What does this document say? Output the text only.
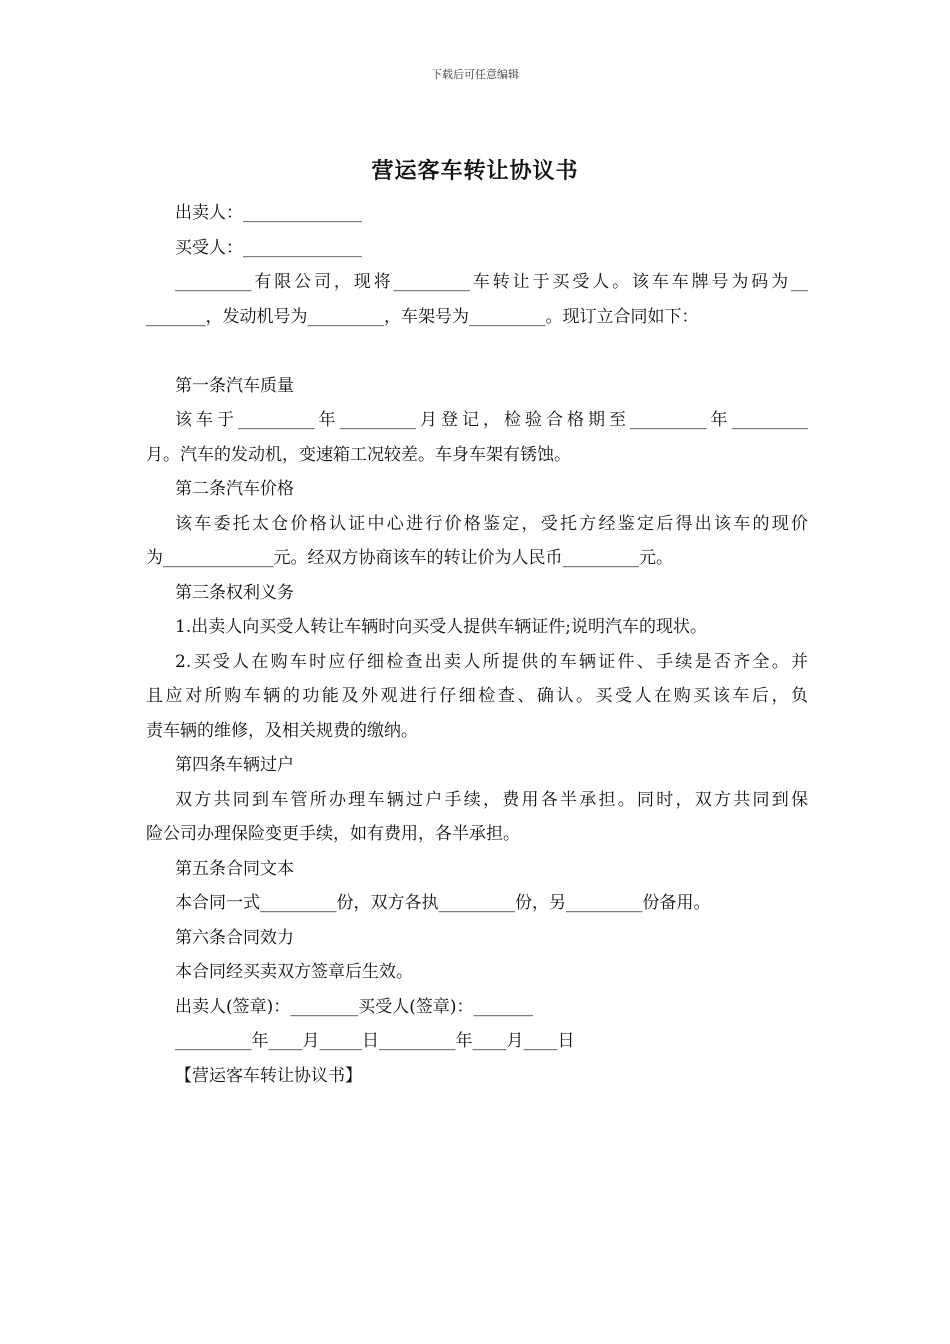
下载后可任意编辑
营运客车转让协议书
出卖人：______________
买受人：______________
_________有限公司，现将_________车转让于买受人。该车车牌号为码为__
_______，发动机号为_________，车架号为_________。现订立合同如下：
第一条汽车质量
该车于_________年_________月登记，检验合格期至_________年_________
月。汽车的发动机，变速箱工况较差。车身车架有锈蚀。
第二条汽车价格
该车委托太仓价格认证中心进行价格鉴定，受托方经鉴定后得出该车的现价
为_____________元。经双方协商该车的转让价为人民币_________元。
第三条权利义务
1.出卖人向买受人转让车辆时向买受人提供车辆证件;说明汽车的现状。
2.买受人在购车时应仔细检查出卖人所提供的车辆证件、手续是否齐全。并
且应对所购车辆的功能及外观进行仔细检查、确认。买受人在购买该车后，负
责车辆的维修，及相关规费的缴纳。
第四条车辆过户
双方共同到车管所办理车辆过户手续，费用各半承担。同时，双方共同到保
险公司办理保险变更手续，如有费用，各半承担。
第五条合同文本
本合同一式_________份，双方各执_________份，另_________份备用。
第六条合同效力
本合同经买卖双方签章后生效。
出卖人(签章)：________买受人(签章)：_______
_________年____月_____日_________年____月____日
【营运客车转让协议书】
